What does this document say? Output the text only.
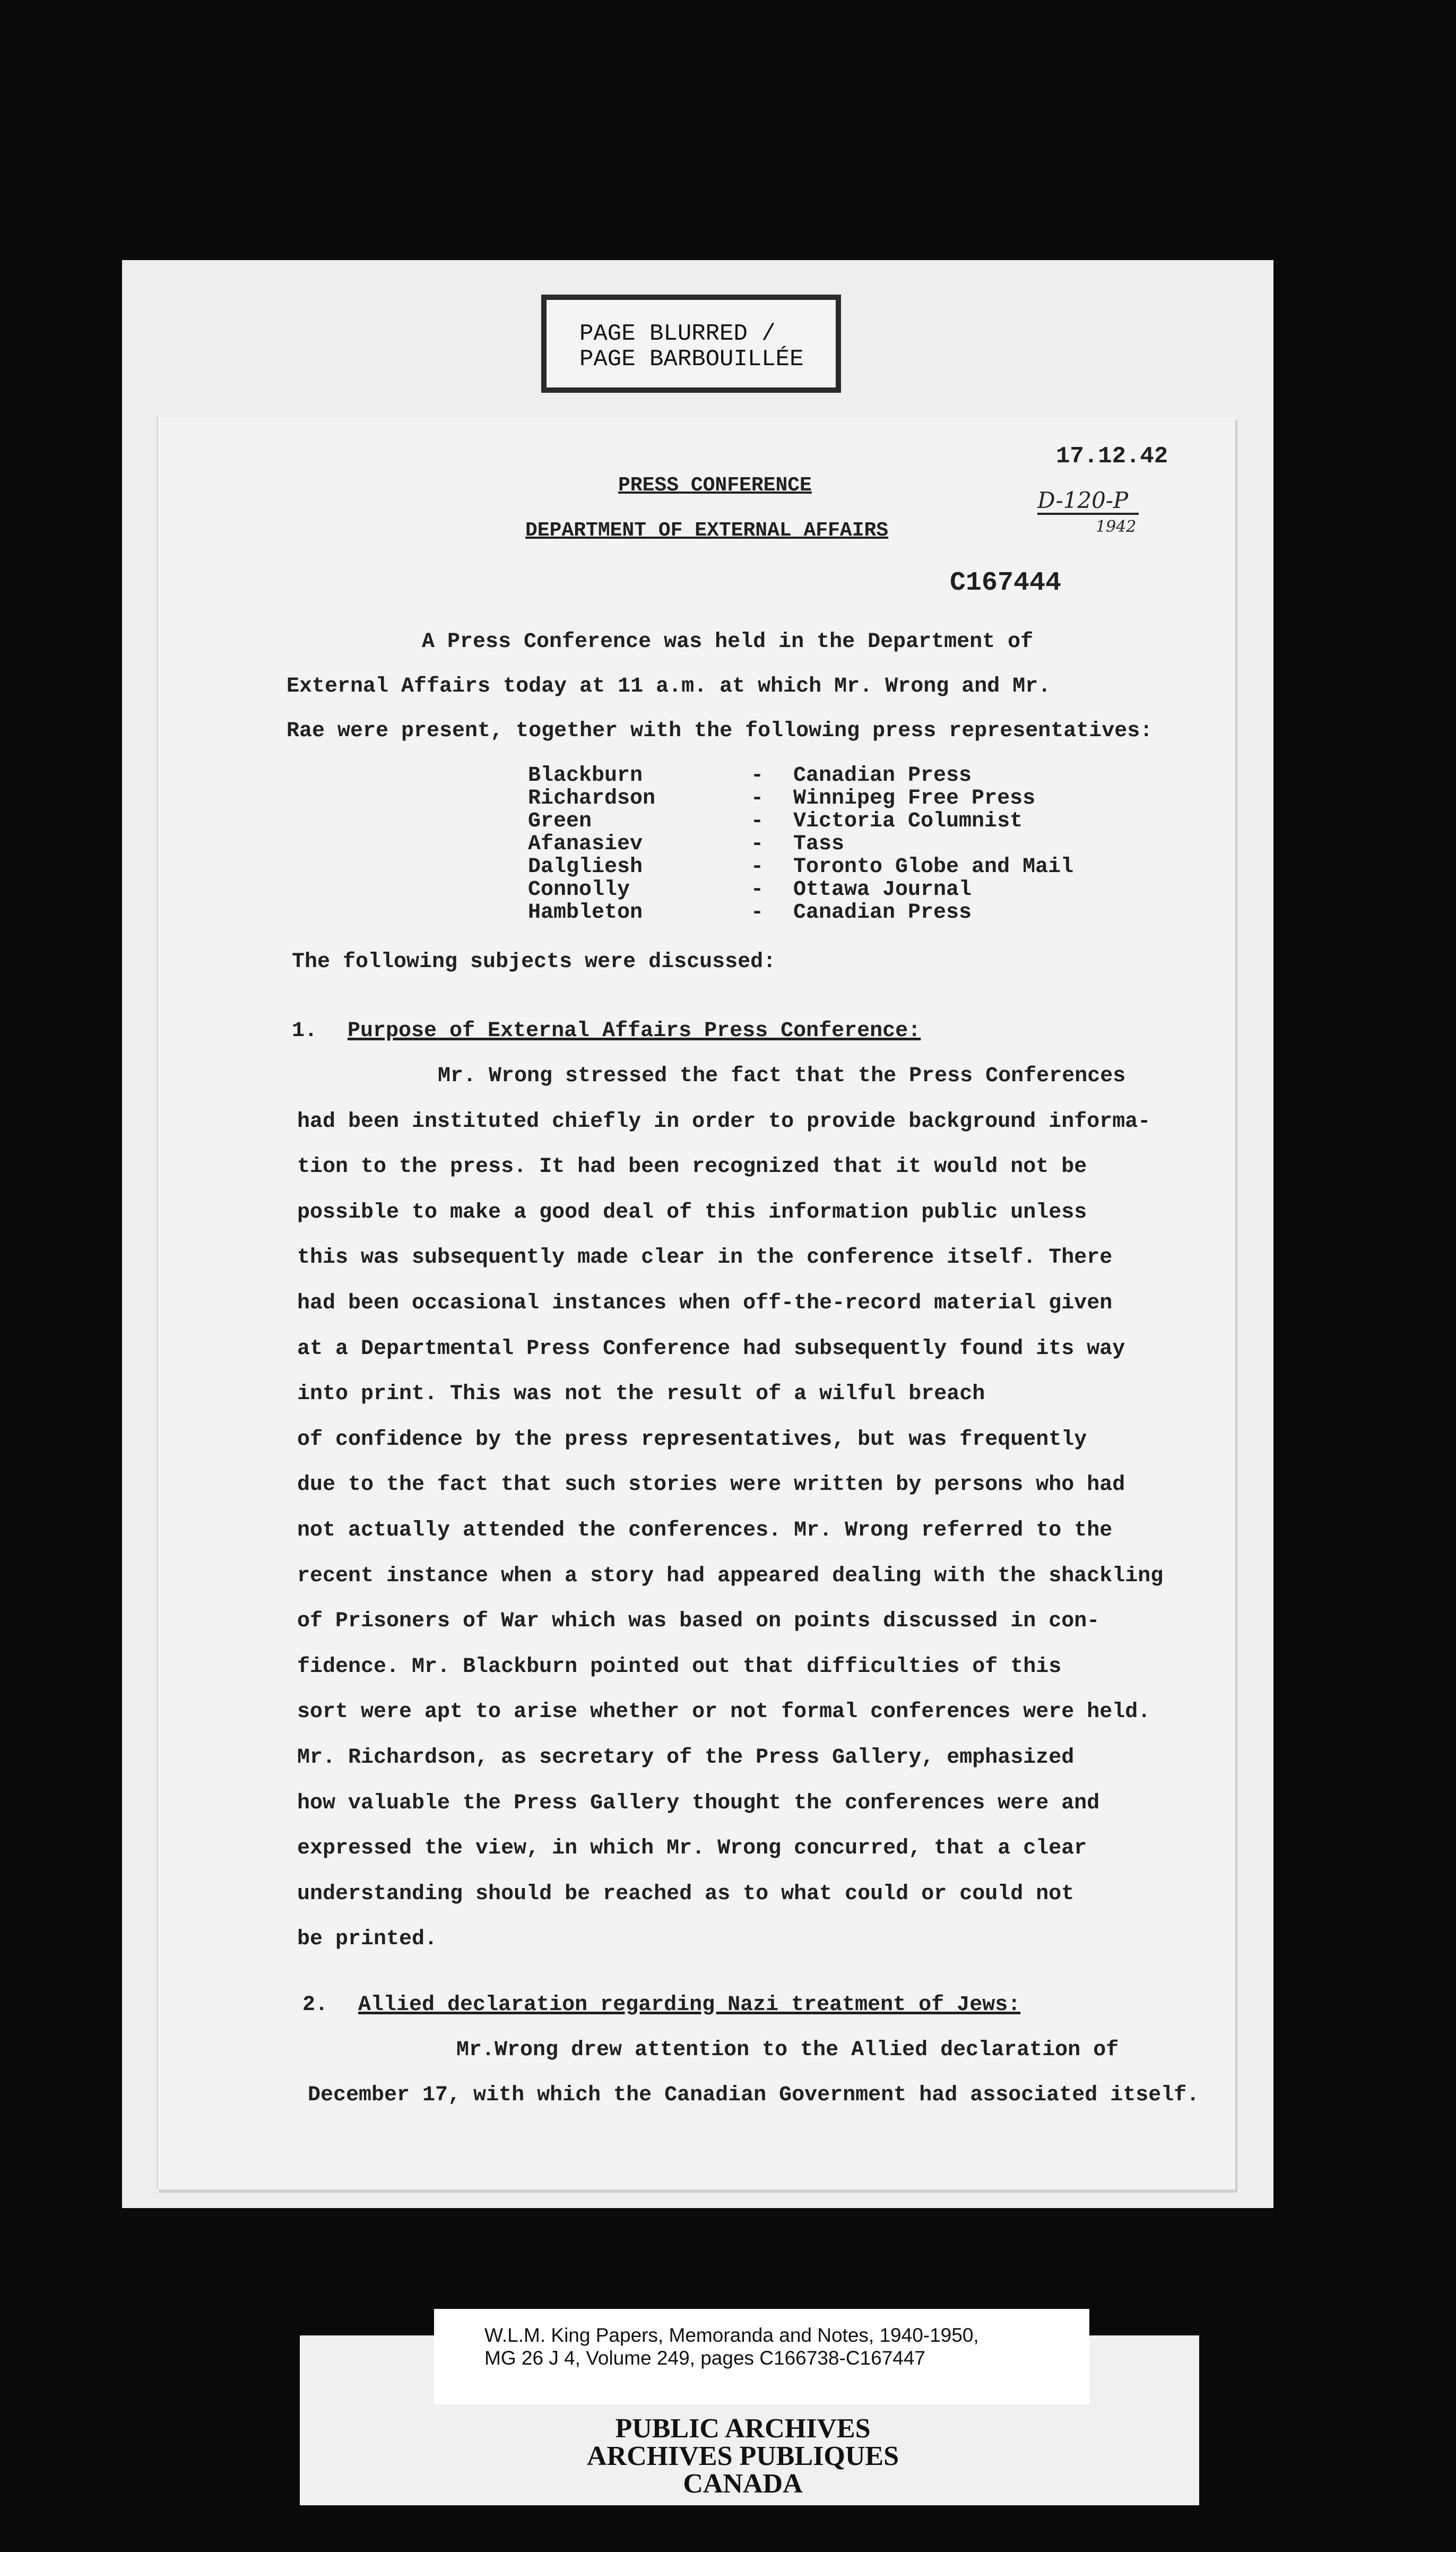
PAGE BLURRED /
PAGE BARBOUILLÉE
17.12.42
D-120-P
1942
PRESS CONFERENCE
DEPARTMENT OF EXTERNAL AFFAIRS
C167444
A Press Conference was held in the Department of
External Affairs today at 11 a.m. at which Mr. Wrong and Mr.
Rae were present, together with the following press representatives:
Blackburn	-	Canadian Press
Richardson	-	Winnipeg Free Press
Green	-	Victoria Columnist
Afanasiev	-	Tass
Dalgliesh	-	Toronto Globe and Mail
Connolly	-	Ottawa Journal
Hambleton	-	Canadian Press
The following subjects were discussed:
1. Purpose of External Affairs Press Conference:
Mr. Wrong stressed the fact that the Press Conferences
had been instituted chiefly in order to provide background informa-
tion to the press. It had been recognized that it would not be
possible to make a good deal of this information public unless
this was subsequently made clear in the conference itself. There
had been occasional instances when off-the-record material given
at a Departmental Press Conference had subsequently found its way
into print. This was not the result of a wilful breach
of confidence by the press representatives, but was frequently
due to the fact that such stories were written by persons who had
not actually attended the conferences. Mr. Wrong referred to the
recent instance when a story had appeared dealing with the shackling
of Prisoners of War which was based on points discussed in con-
fidence. Mr. Blackburn pointed out that difficulties of this
sort were apt to arise whether or not formal conferences were held.
Mr. Richardson, as secretary of the Press Gallery, emphasized
how valuable the Press Gallery thought the conferences were and
expressed the view, in which Mr. Wrong concurred, that a clear
understanding should be reached as to what could or could not
be printed.
2. Allied declaration regarding Nazi treatment of Jews:
Mr.Wrong drew attention to the Allied declaration of
December 17, with which the Canadian Government had associated itself.
W.L.M. King Papers, Memoranda and Notes, 1940-1950,
MG 26 J 4, Volume 249, pages C166738-C167447
PUBLIC ARCHIVES
ARCHIVES PUBLIQUES
CANADA
